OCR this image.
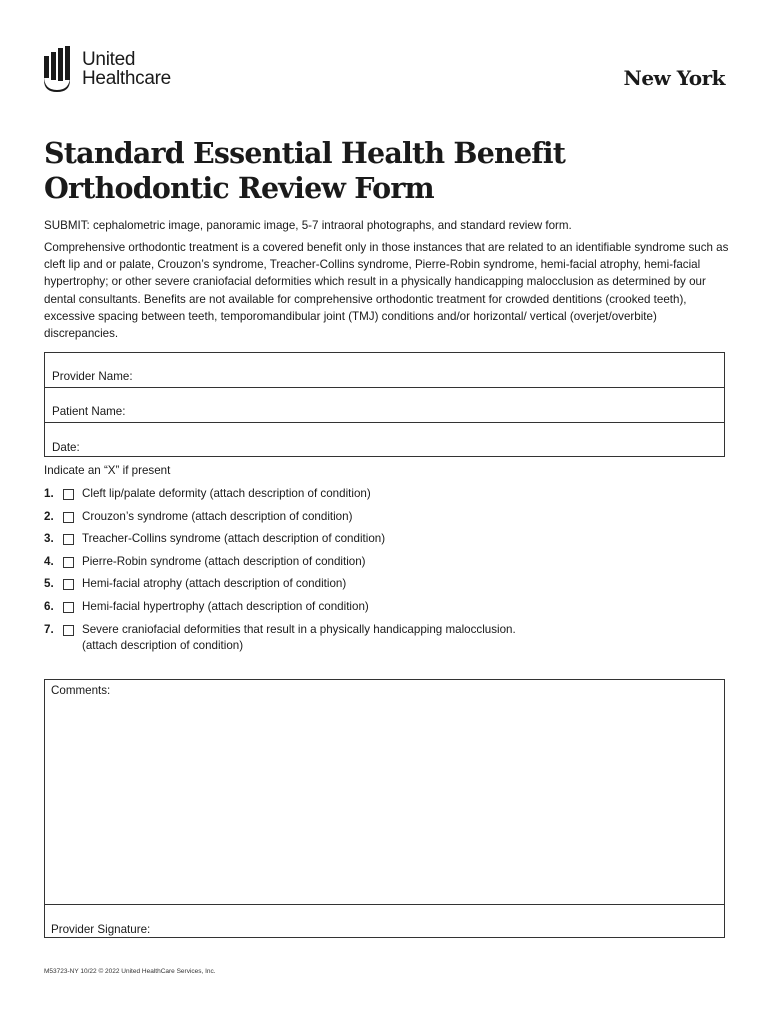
United
Healthcare	New York
Standard Essential Health Benefit
Orthodontic Review Form

SUBMIT: cephalometric image, panoramic image, 5-7 intraoral photographs, and standard review form.

Comprehensive orthodontic treatment is a covered benefit only in those instances that are related to an identifiable syndrome such as cleft lip and or palate, Crouzon’s syndrome, Treacher-Collins syndrome, Pierre-Robin syndrome, hemi-facial atrophy, hemi-facial hypertrophy; or other severe craniofacial deformities which result in a physically handicapping malocclusion as determined by our dental consultants. Benefits are not available for comprehensive orthodontic treatment for crowded dentitions (crooked teeth), excessive spacing between teeth, temporomandibular joint (TMJ) conditions and/or horizontal/ vertical (overjet/overbite) discrepancies.

Provider Name:
Patient Name:
Date:

Indicate an “X” if present

1.	Cleft lip/palate deformity (attach description of condition)
2.	Crouzon’s syndrome (attach description of condition)
3.	Treacher-Collins syndrome (attach description of condition)
4.	Pierre-Robin syndrome (attach description of condition)
5.	Hemi-facial atrophy (attach description of condition)
6.	Hemi-facial hypertrophy (attach description of condition)
7.	Severe craniofacial deformities that result in a physically handicapping malocclusion.
(attach description of condition)
Comments:
Provider Signature:

M53723-NY 10/22 © 2022 United HealthCare Services, Inc.
